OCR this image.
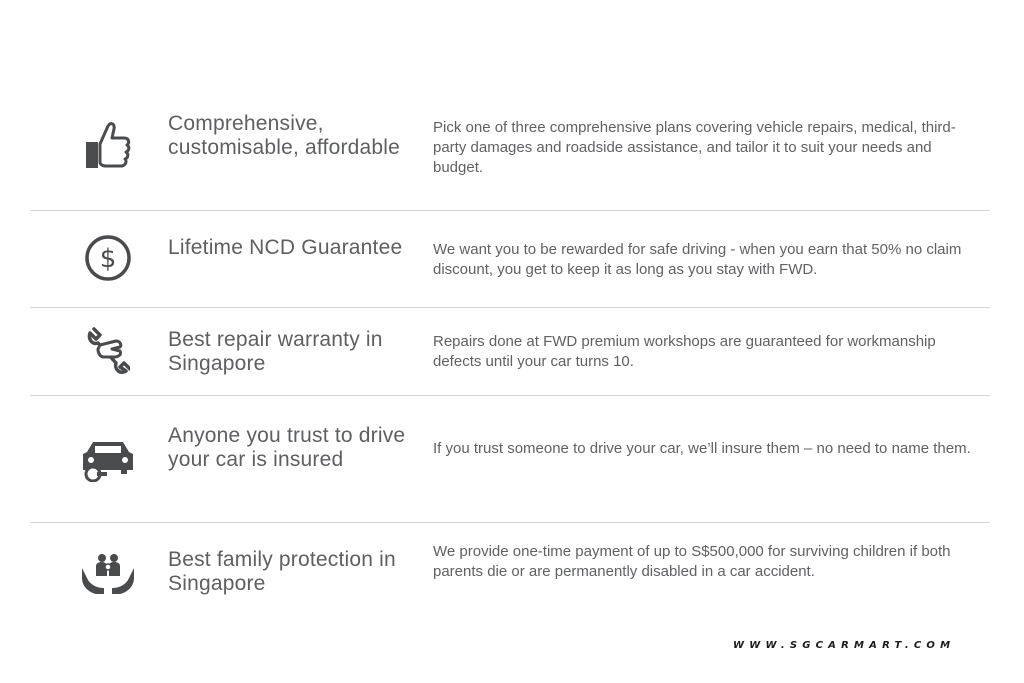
Comprehensive, customisable, affordable

Pick one of three comprehensive plans covering vehicle repairs, medical, third-party damages and roadside assistance, and tailor it to suit your needs and budget.

$ Lifetime NCD Guarantee	We want you to be rewarded for safe driving - when you earn that 50% no claim discount, you get to keep it as long as you stay with FWD.

Best repair warranty in Singapore

Repairs done at FWD premium workshops are guaranteed for workmanship defects until your car turns 10.

Anyone you trust to drive your car is insured	If you trust someone to drive your car, we’ll insure them – no need to name them.

Best family protection in Singapore

We provide one-time payment of up to S$500,000 for surviving children if both parents die or are permanently disabled in a car accident.

WWW.SGCARMART.COM
